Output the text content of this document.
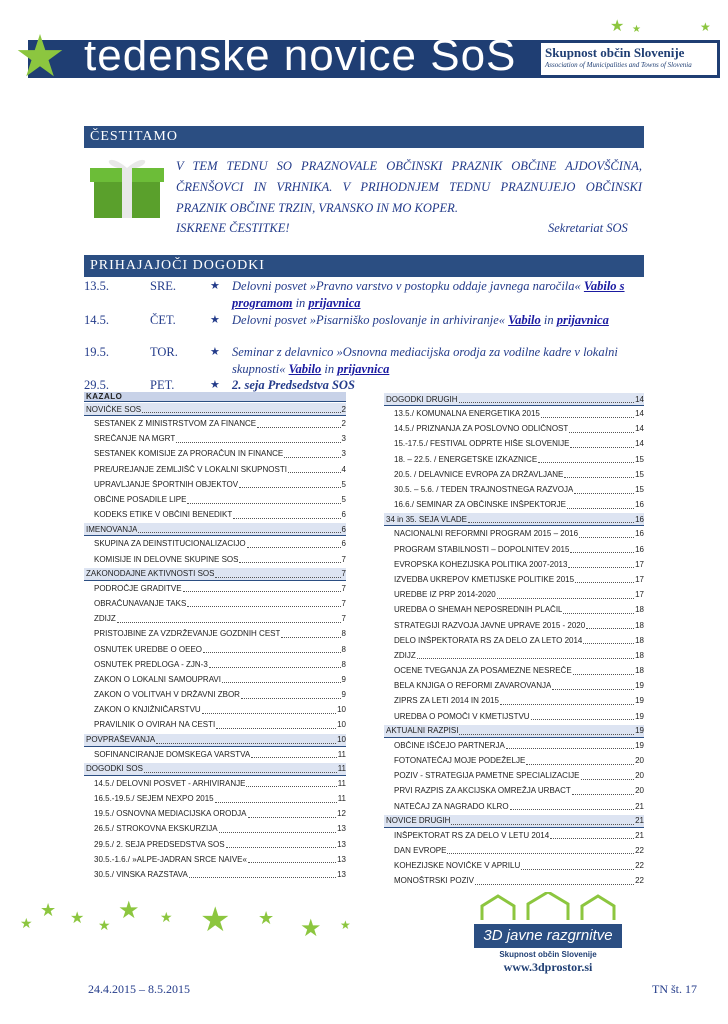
★	★ ★	★
tedenske novice SoS Skupnost občin Slovenije
Association of Municipalities and Towns of Slovenia
ČESTITAMO
V TEM TEDNU SO PRAZNOVALE OBČINSKI PRAZNIK OBČINE AJDOVŠČINA, ČRENŠOVCI IN VRHNIKA. V PRIHODNJEM TEDNU PRAZNUJEJO OBČINSKI PRAZNIK OBČINE TRZIN, VRANSKO IN MO KOPER.
ISKRENE ČESTITKE!	Sekretariat SOS
PRIHAJAJOČI DOGODKI
13.5.	SRE.	★ Delovni posvet »Pravno varstvo v postopku oddaje javnega naročila« Vabilo s programom in prijavnica
14.5.	ČET.	★ Delovni posvet »Pisarniško poslovanje in arhiviranje« Vabilo in prijavnica
19.5.	TOR.	★ Seminar z delavnico »Osnovna mediacijska orodja za vodilne kadre v lokalni skupnosti« Vabilo in prijavnica
29.5.	PET.	★ 2. seja Predsedstva SOS
KAZALO
NOVIČKE SOS	2
SESTANEK Z MINISTRSTVOM ZA FINANCE	2
SREČANJE NA MGRT	3
SESTANEK KOMISIJE ZA PRORAČUN IN FINANCE	3
PRE/UREJANJE ZEMLJIŠČ V LOKALNI SKUPNOSTI	4
UPRAVLJANJE ŠPORTNIH OBJEKTOV	5
OBČINE POSADILE LIPE	5
KODEKS ETIKE V OBČINI BENEDIKT	6
IMENOVANJA	6
SKUPINA ZA DEINSTITUCIONALIZACIJO	6
KOMISIJE IN DELOVNE SKUPINE SOS	7
ZAKONODAJNE AKTIVNOSTI SOS	7
PODROČJE GRADITVE	7
OBRAČUNAVANJE TAKS	7
ZDIJZ	7
PRISTOJBINE ZA VZDRŽEVANJE GOZDNIH CEST	8
OSNUTEK UREDBE O OEEO	8
OSNUTEK PREDLOGA - ZJN-3	8
ZAKON O LOKALNI SAMOUPRAVI	9
ZAKON O VOLITVAH V DRŽAVNI ZBOR	9
ZAKON O KNJIŽNIČARSTVU	10
PRAVILNIK O OVIRAH NA CESTI	10
POVPRAŠEVANJA	10
SOFINANCIRANJE DOMSKEGA VARSTVA	11
DOGODKI SOS	11
14.5./ DELOVNI POSVET - ARHIVIRANJE	11
16.5.-19.5./ SEJEM NEXPO 2015	11
19.5./ OSNOVNA MEDIACIJSKA ORODJA	12
26.5./ STROKOVNA EKSKURZIJA	13
29.5./ 2. SEJA PREDSEDSTVA SOS	13
30.5.-1.6./ »ALPE-JADRAN SRCE NAIVE«	13
30.5./ VINSKA RAZSTAVA	13
DOGODKI DRUGIH	14
13.5./ KOMUNALNA ENERGETIKA 2015	14
14.5./ PRIZNANJA ZA POSLOVNO ODLIČNOST	14
15.-17.5./ FESTIVAL ODPRTE HIŠE SLOVENIJE	14
18. – 22.5. / ENERGETSKE IZKAZNICE	15
20.5. / DELAVNICE EVROPA ZA DRŽAVLJANE	15
30.5. – 5.6. / TEDEN TRAJNOSTNEGA RAZVOJA	15
16.6./ SEMINAR ZA OBČINSKE INŠPEKTORJE	16
34 in 35. SEJA VLADE	16
NACIONALNI REFORMNI PROGRAM 2015 – 2016	16
PROGRAM STABILNOSTI – DOPOLNITEV 2015	16
EVROPSKA KOHEZIJSKA POLITIKA 2007-2013	17
IZVEDBA UKREPOV KMETIJSKE POLITIKE 2015	17
UREDBE IZ PRP 2014-2020	17
UREDBA O SHEMAH NEPOSREDNIH PLAČIL	18
STRATEGIJI RAZVOJA JAVNE UPRAVE 2015 - 2020	18
DELO INŠPEKTORATA RS ZA DELO ZA LETO 2014	18
ZDIJZ	18
OCENE TVEGANJA ZA POSAMEZNE NESREČE	18
BELA KNJIGA O REFORMI ZAVAROVANJA	19
ZIPRS ZA LETI 2014 IN 2015	19
UREDBA O POMOČI V KMETIJSTVU	19
AKTUALNI RAZPISI	19
OBČINE IŠČEJO PARTNERJA	19
FOTONATEČAJ MOJE PODEŽELJE	20
POZIV - STRATEGIJA PAMETNE SPECIALIZACIJE	20
PRVI RAZPIS ZA AKCIJSKA OMREŽJA URBACT	20
NATEČAJ ZA NAGRADO KLRO	21
NOVICE DRUGIH	21
INŠPEKTORAT RS ZA DELO V LETU 2014	21
DAN EVROPE	22
KOHEZIJSKE NOVIČKE V APRILU	22
MONOŠTRSKI POZIV	22
★
★ ★ ★
★ ★ ★ ★ ★ ★
3D javne razgrnitve
Skupnost občin Slovenije
www.3dprostor.si
24.4.2015 – 8.5.2015	TN št. 17
